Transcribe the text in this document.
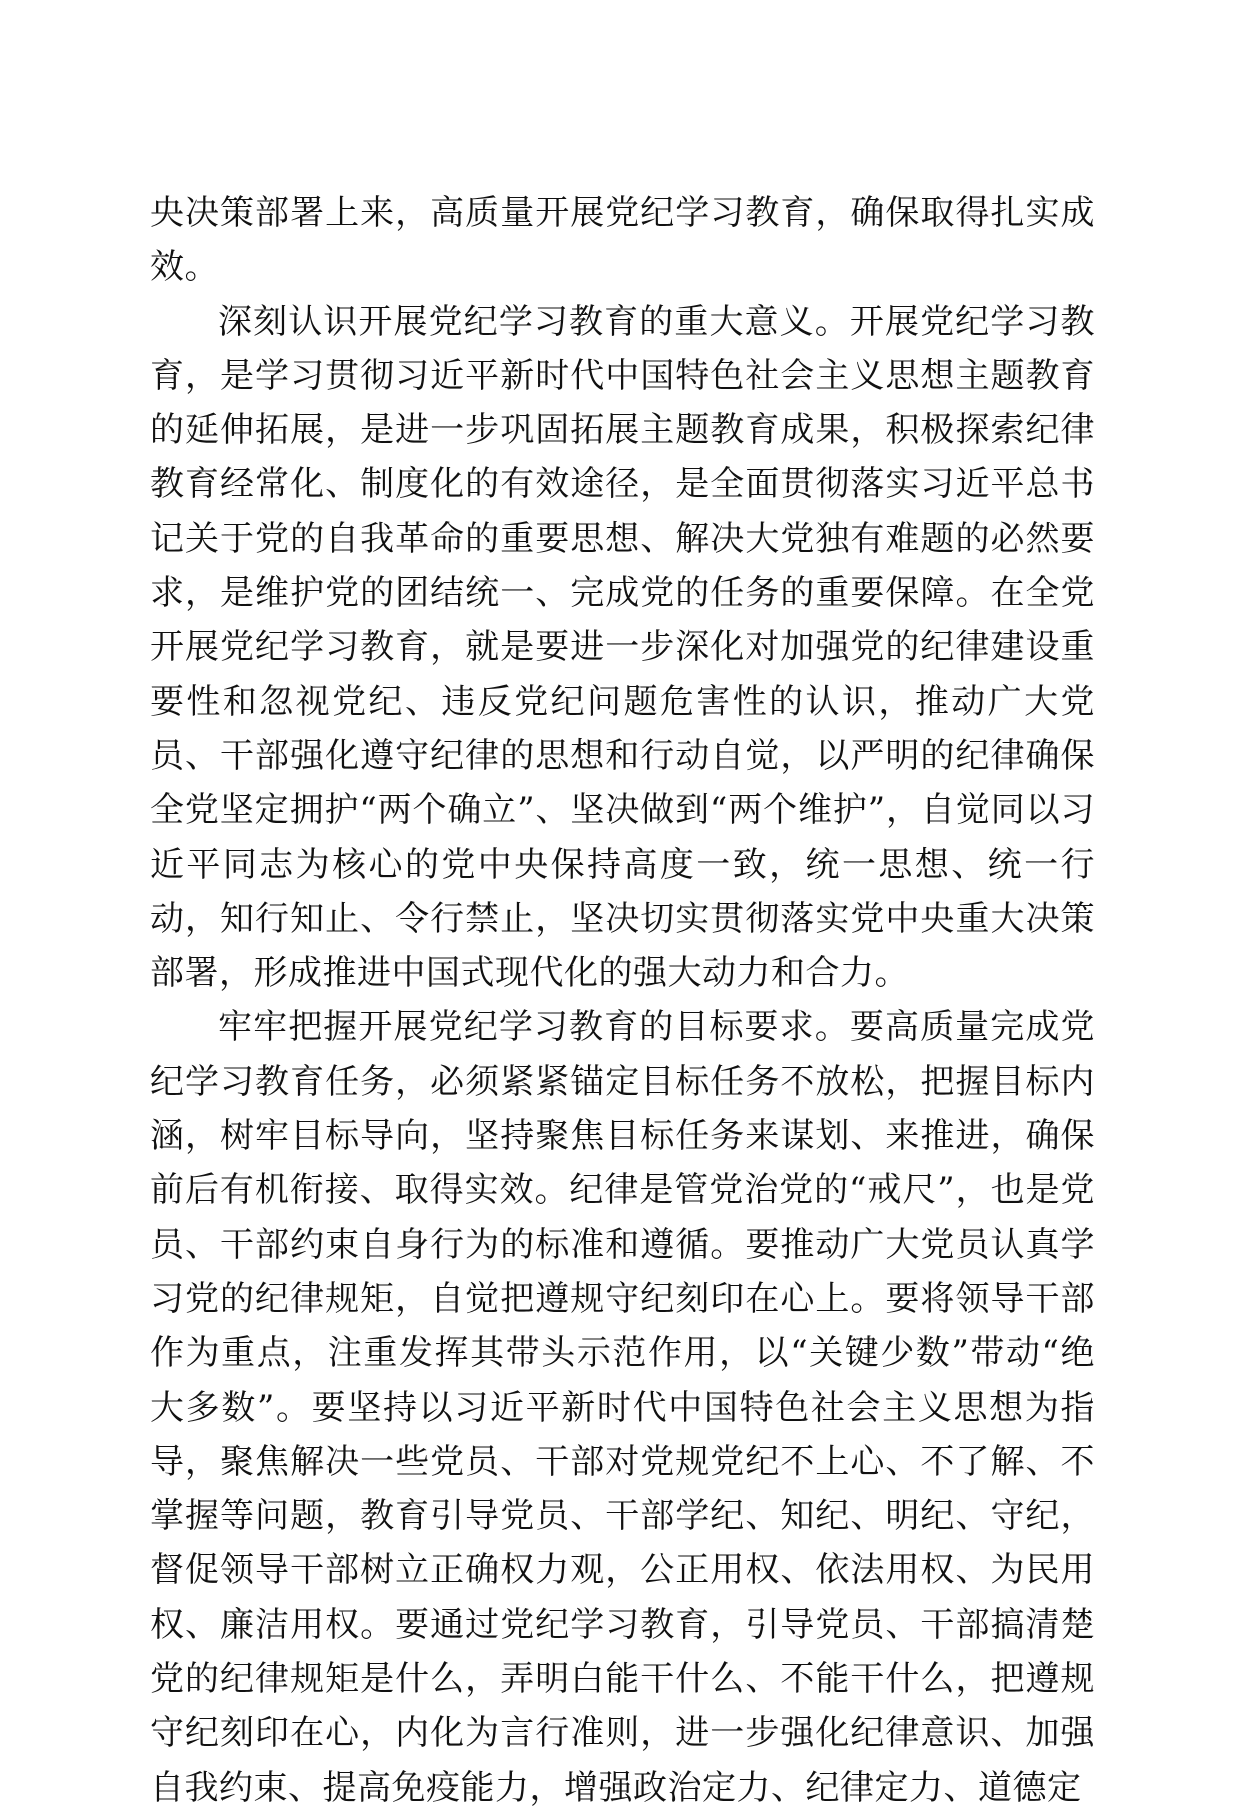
央决策部署上来，高质量开展党纪学习教育，确保取得扎实成效。

深刻认识开展党纪学习教育的重大意义。开展党纪学习教育，是学习贯彻习近平新时代中国特色社会主义思想主题教育的延伸拓展，是进一步巩固拓展主题教育成果，积极探索纪律教育经常化、制度化的有效途径，是全面贯彻落实习近平总书记关于党的自我革命的重要思想、解决大党独有难题的必然要求，是维护党的团结统一、完成党的任务的重要保障。在全党开展党纪学习教育，就是要进一步深化对加强党的纪律建设重要性和忽视党纪、违反党纪问题危害性的认识，推动广大党员、干部强化遵守纪律的思想和行动自觉，以严明的纪律确保全党坚定拥护“两个确立”、坚决做到“两个维护”，自觉同以习近平同志为核心的党中央保持高度一致，统一思想、统一行动，知行知止、令行禁止，坚决切实贯彻落实党中央重大决策部署，形成推进中国式现代化的强大动力和合力。

牢牢把握开展党纪学习教育的目标要求。要高质量完成党纪学习教育任务，必须紧紧锚定目标任务不放松，把握目标内涵，树牢目标导向，坚持聚焦目标任务来谋划、来推进，确保前后有机衔接、取得实效。纪律是管党治党的“戒尺”，也是党员、干部约束自身行为的标准和遵循。要推动广大党员认真学习党的纪律规矩，自觉把遵规守纪刻印在心上。要将领导干部作为重点，注重发挥其带头示范作用，以“关键少数”带动“绝大多数”。要坚持以习近平新时代中国特色社会主义思想为指导，聚焦解决一些党员、干部对党规党纪不上心、不了解、不掌握等问题，教育引导党员、干部学纪、知纪、明纪、守纪，督促领导干部树立正确权力观，公正用权、依法用权、为民用权、廉洁用权。要通过党纪学习教育，引导党员、干部搞清楚党的纪律规矩是什么，弄明白能干什么、不能干什么，把遵规守纪刻印在心，内化为言行准则，进一步强化纪律意识、加强自我约束、提高免疫能力，增强政治定力、纪律定力、道德定
